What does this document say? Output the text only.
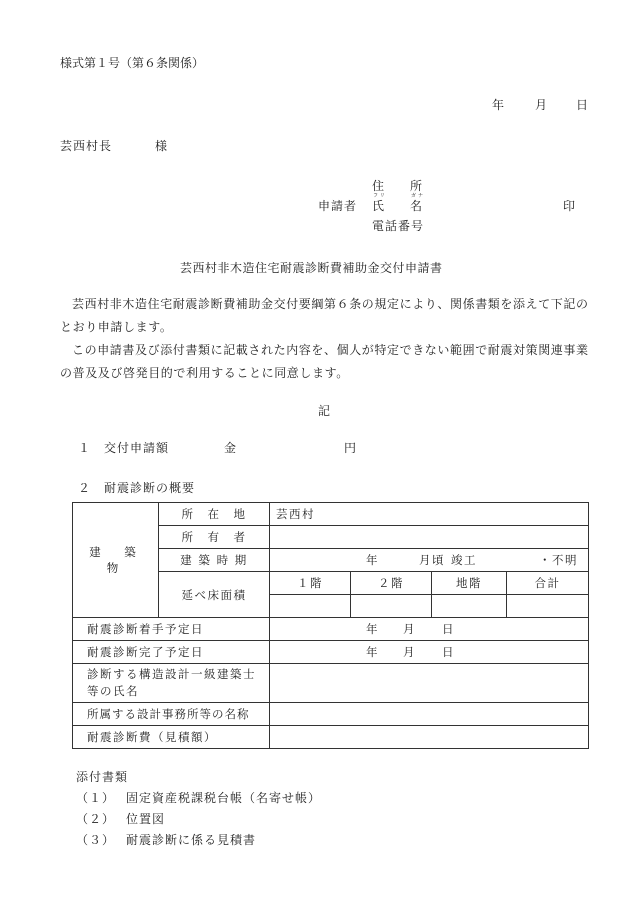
様式第１号（第６条関係）
年	月 日
芸西村長	様
住 所
フリ	ガナ
申請者 氏 名	印
電話番号
芸西村非木造住宅耐震診断費補助金交付申請書
芸西村非木造住宅耐震診断費補助金交付要綱第６条の規定により、関係書類を添えて下記のとおり申請します。
この申請書及び添付書類に記載された内容を、個人が特定できない範囲で耐震対策関連事業の普及及び啓発目的で利用することに同意します。
記
１　交付申請額	金	円
２　耐震診断の概要
建　築　物	所　在　地	芸西村			
	所　有　者				
	建 築 時 期	年 月頃 竣工 ・不明			
	延べ床面積	１階	２階	地階	合計

耐震診断着手予定日		年 月 日			
耐震診断完了予定日		年 月 日			
診断する構造設計一級建築士等の氏名					
所属する設計事務所等の名称					
耐震診断費（見積額）					
添付書類
（１） 固定資産税課税台帳（名寄せ帳）
（２） 位置図
（３） 耐震診断に係る見積書
